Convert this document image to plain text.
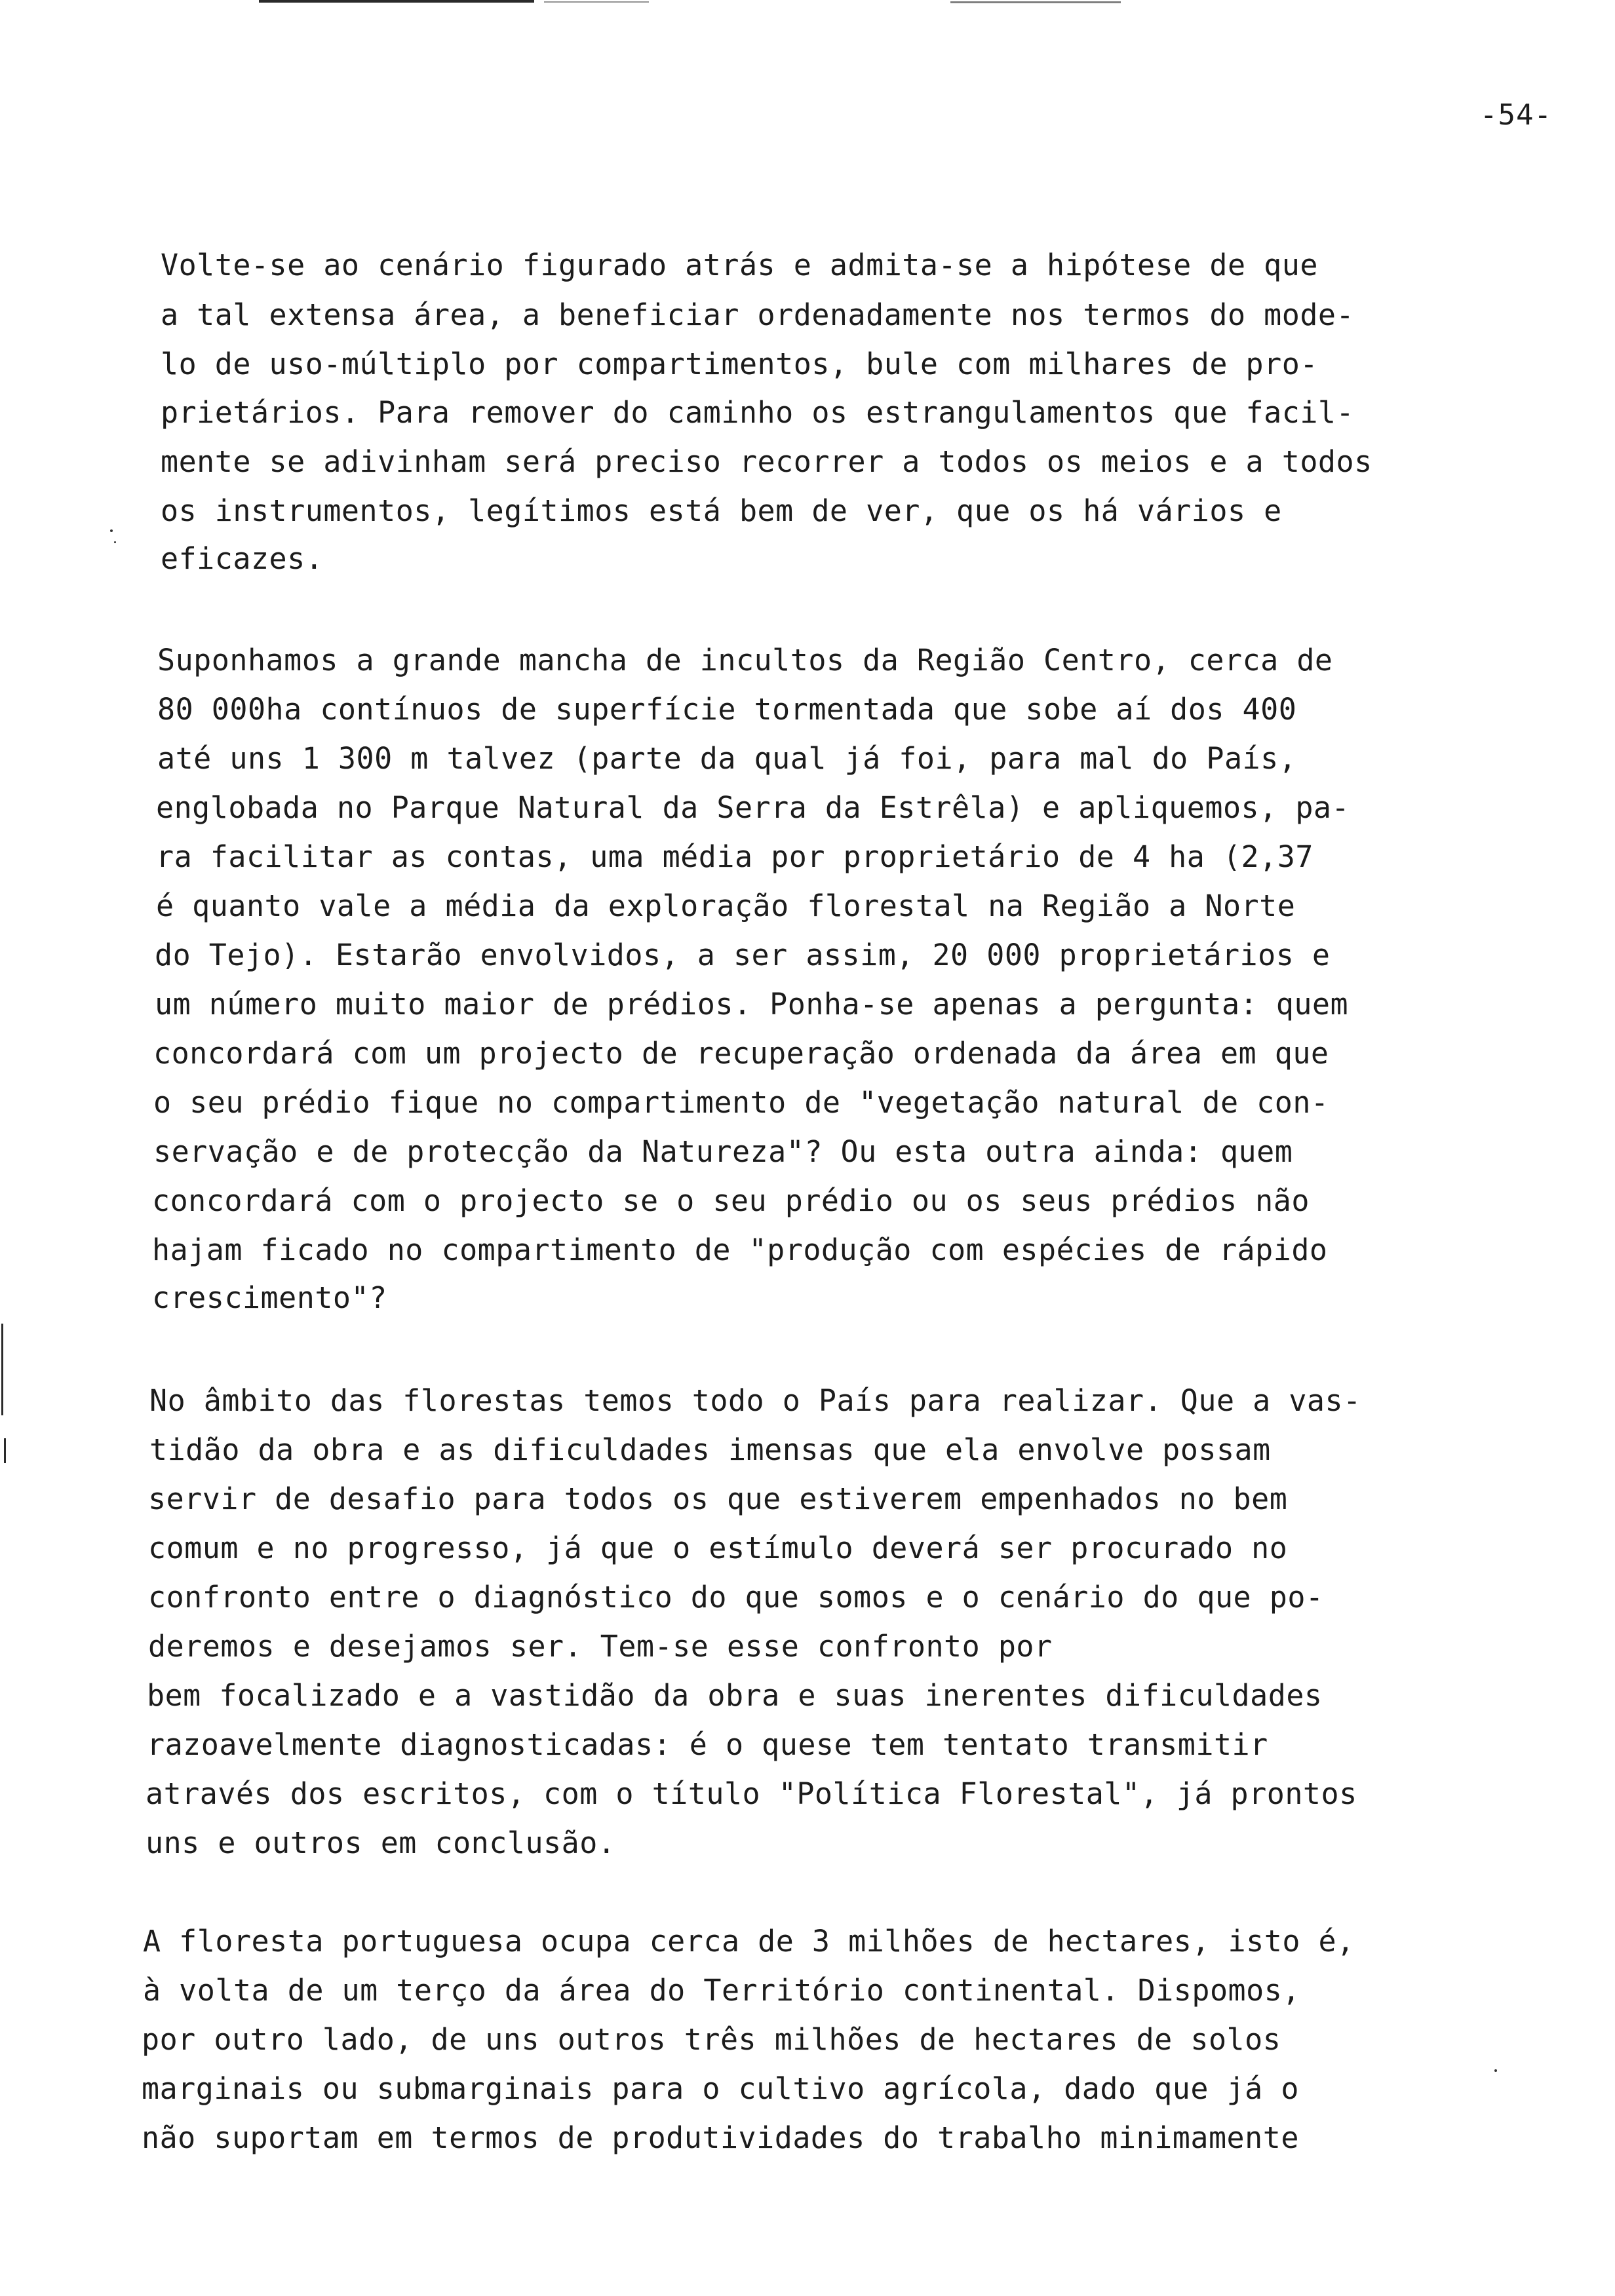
-54-

Volte-se ao cenário figurado atrás e admita-se a hipótese de que

a tal extensa área, a beneficiar ordenadamente nos termos do mode-

lo de uso-múltiplo por compartimentos, bule com milhares de pro-

prietários. Para remover do caminho os estrangulamentos que facil-

mente se adivinham será preciso recorrer a todos os meios e a todos

os instrumentos, legítimos está bem de ver, que os há vários e

eficazes.

Suponhamos a grande mancha de incultos da Região Centro, cerca de

80 000ha contínuos de superfície tormentada que sobe aí dos 400

até uns 1 300 m talvez (parte da qual já foi, para mal do País,

englobada no Parque Natural da Serra da Estrêla) e apliquemos, pa-

ra facilitar as contas, uma média por proprietário de 4 ha (2,37

é quanto vale a média da exploração florestal na Região a Norte

do Tejo). Estarão envolvidos, a ser assim, 20 000 proprietários e

um número muito maior de prédios. Ponha-se apenas a pergunta: quem

concordará com um projecto de recuperação ordenada da área em que

o seu prédio fique no compartimento de "vegetação natural de con-

servação e de protecção da Natureza"? Ou esta outra ainda: quem

concordará com o projecto se o seu prédio ou os seus prédios não

hajam ficado no compartimento de "produção com espécies de rápido

crescimento"?

No âmbito das florestas temos todo o País para realizar. Que a vas-

tidão da obra e as dificuldades imensas que ela envolve possam

servir de desafio para todos os que estiverem empenhados no bem

comum e no progresso, já que o estímulo deverá ser procurado no

confronto entre o diagnóstico do que somos e o cenário do que po-

deremos e desejamos ser. Tem-se esse confronto por

bem focalizado e a vastidão da obra e suas inerentes dificuldades

razoavelmente diagnosticadas: é o quese tem tentato transmitir

através dos escritos, com o título "Política Florestal", já prontos

uns e outros em conclusão.

A floresta portuguesa ocupa cerca de 3 milhões de hectares, isto é,

à volta de um terço da área do Território continental. Dispomos,

por outro lado, de uns outros três milhões de hectares de solos

marginais ou submarginais para o cultivo agrícola, dado que já o

não suportam em termos de produtividades do trabalho minimamente
